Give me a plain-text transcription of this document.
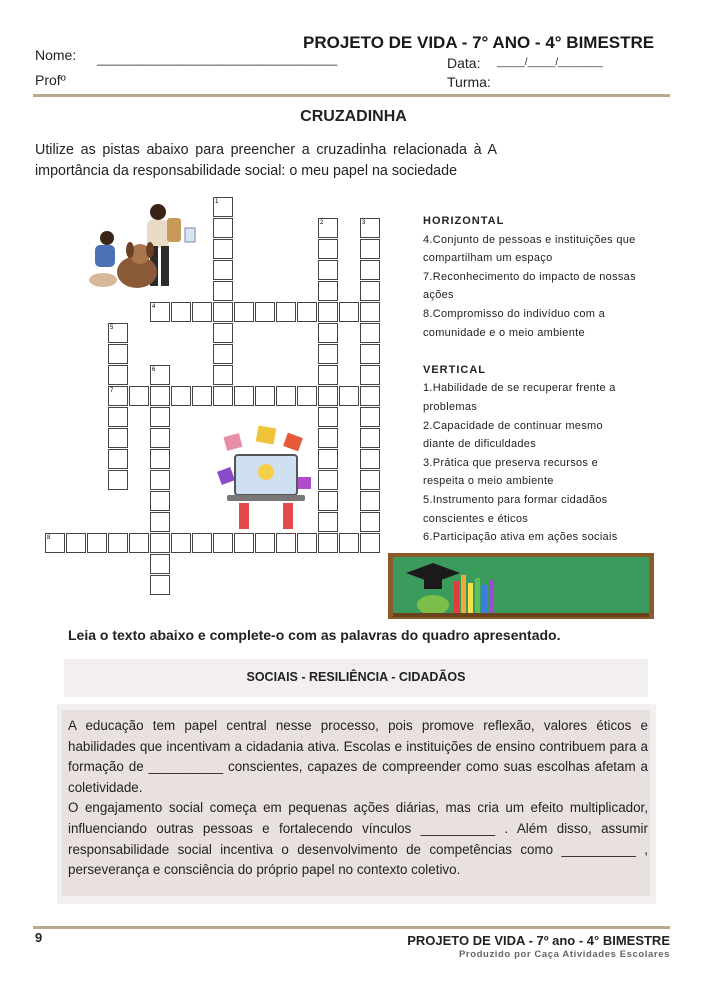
PROJETO DE VIDA - 7° ANO - 4° BIMESTRE
Nome: ____________________________________	Data: _____/_____/________
Profº	Turma:
CRUZADINHA
Utilize as pistas abaixo para preencher a cruzadinha relacionada à A importância da responsabilidade social: o meu papel na sociedade
1
2	3
4
5
6
7
8
HORIZONTAL
4.Conjunto de pessoas e instituições que compartilham um espaço
7.Reconhecimento do impacto de nossas ações
8.Compromisso do indivíduo com a comunidade e o meio ambiente
VERTICAL
1.Habilidade de se recuperar frente a problemas
2.Capacidade de continuar mesmo diante de dificuldades
3.Prática que preserva recursos e respeita o meio ambiente
5.Instrumento para formar cidadãos conscientes e éticos
6.Participação ativa em ações sociais
Leia o texto abaixo e complete-o com as palavras do quadro apresentado.
SOCIAIS - RESILIÊNCIA - CIDADÃOS

A educação tem papel central nesse processo, pois promove reflexão, valores éticos e habilidades que incentivam a cidadania ativa. Escolas e instituições de ensino contribuem para a formação de __________ conscientes, capazes de compreender como suas escolhas afetam a coletividade.

O engajamento social começa em pequenas ações diárias, mas cria um efeito multiplicador, influenciando outras pessoas e fortalecendo vínculos __________ . Além disso, assumir responsabilidade social incentiva o desenvolvimento de competências como __________ , perseverança e consciência do próprio papel no contexto coletivo.

9	PROJETO DE VIDA - 7º ano - 4° BIMESTRE
Produzido por Caça Atividades Escolares
